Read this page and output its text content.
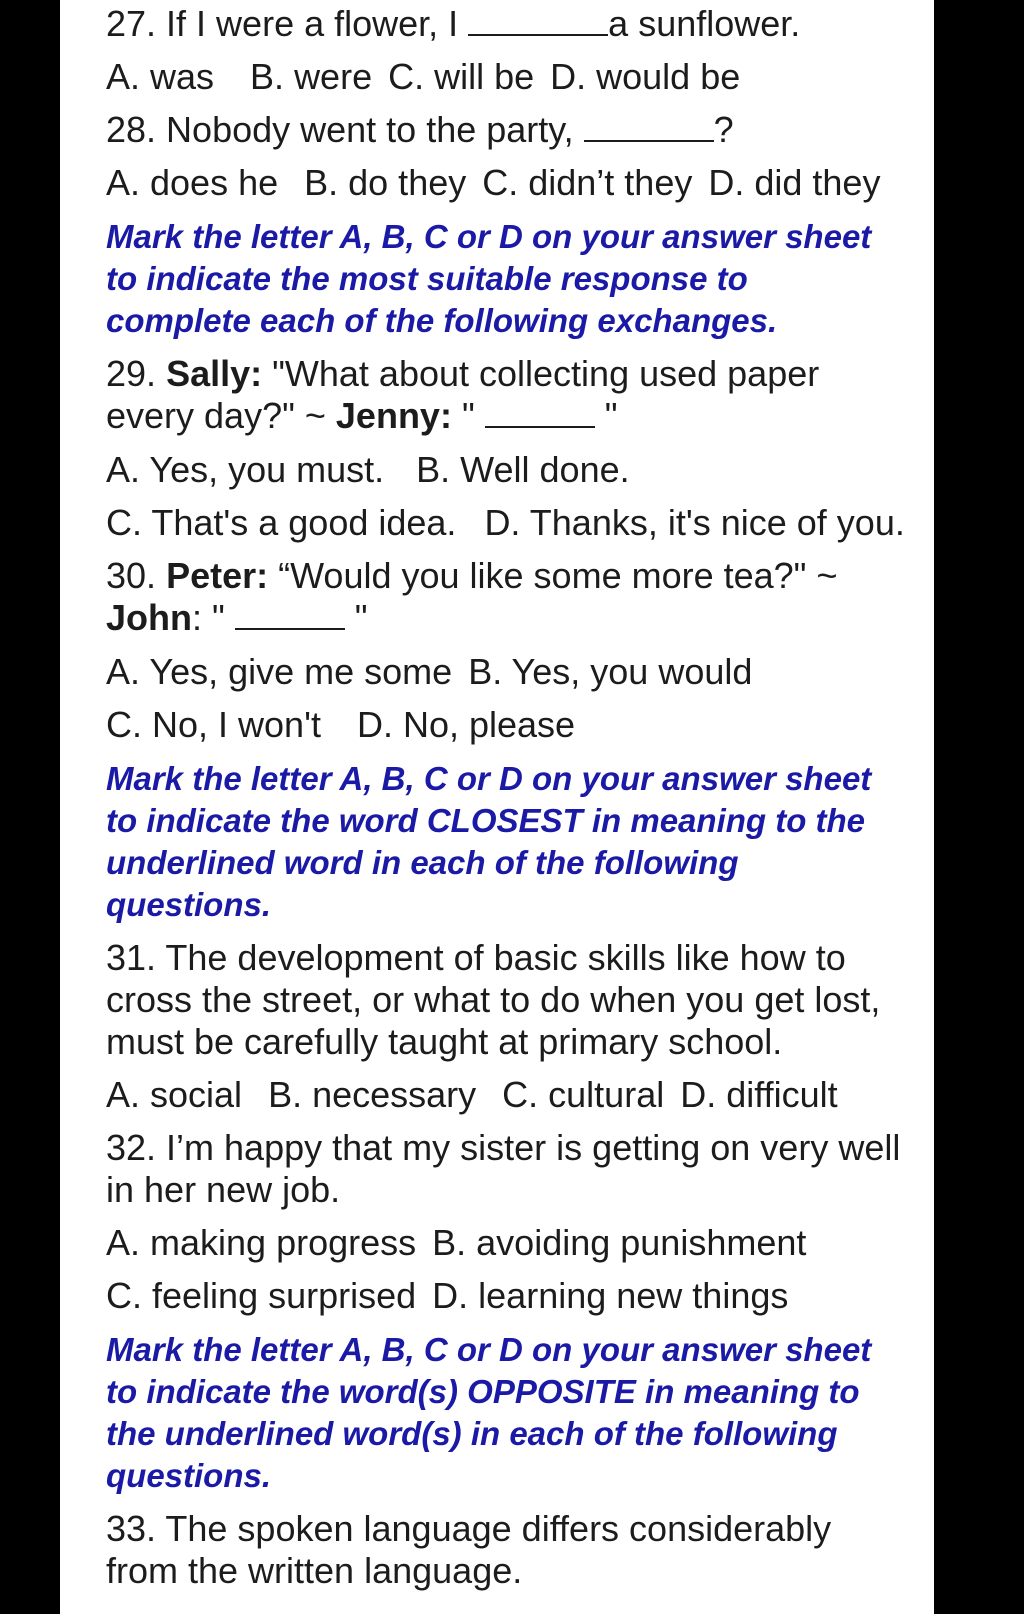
27. If I were a flower, I	a sunflower.

A. was B. were C. will be D. would be

28. Nobody went to the party,	?

A. does he B. do they C. didn’t they D. did they

Mark the letter A, B, C or D on your answer sheet

to indicate the most suitable response to

complete each of the following exchanges.

29. Sally: "What about collecting used paper

every day?" ~ Jenny: "	"

A. Yes, you must. B. Well done.

C. That's a good idea. D. Thanks, it's nice of you.

30. Peter: “Would you like some more tea?" ~

John: "	"

A. Yes, give me some B. Yes, you would

C. No, I won't D. No, please

Mark the letter A, B, C or D on your answer sheet

to indicate the word CLOSEST in meaning to the

underlined word in each of the following

questions.

31. The development of basic skills like how to

cross the street, or what to do when you get lost,

must be carefully taught at primary school.

A. social B. necessary C. cultural D. difficult

32. I’m happy that my sister is getting on very well

in her new job.

A. making progress B. avoiding punishment

C. feeling surprised D. learning new things

Mark the letter A, B, C or D on your answer sheet

to indicate the word(s) OPPOSITE in meaning to

the underlined word(s) in each of the following

questions.

33. The spoken language differs considerably

from the written language.
